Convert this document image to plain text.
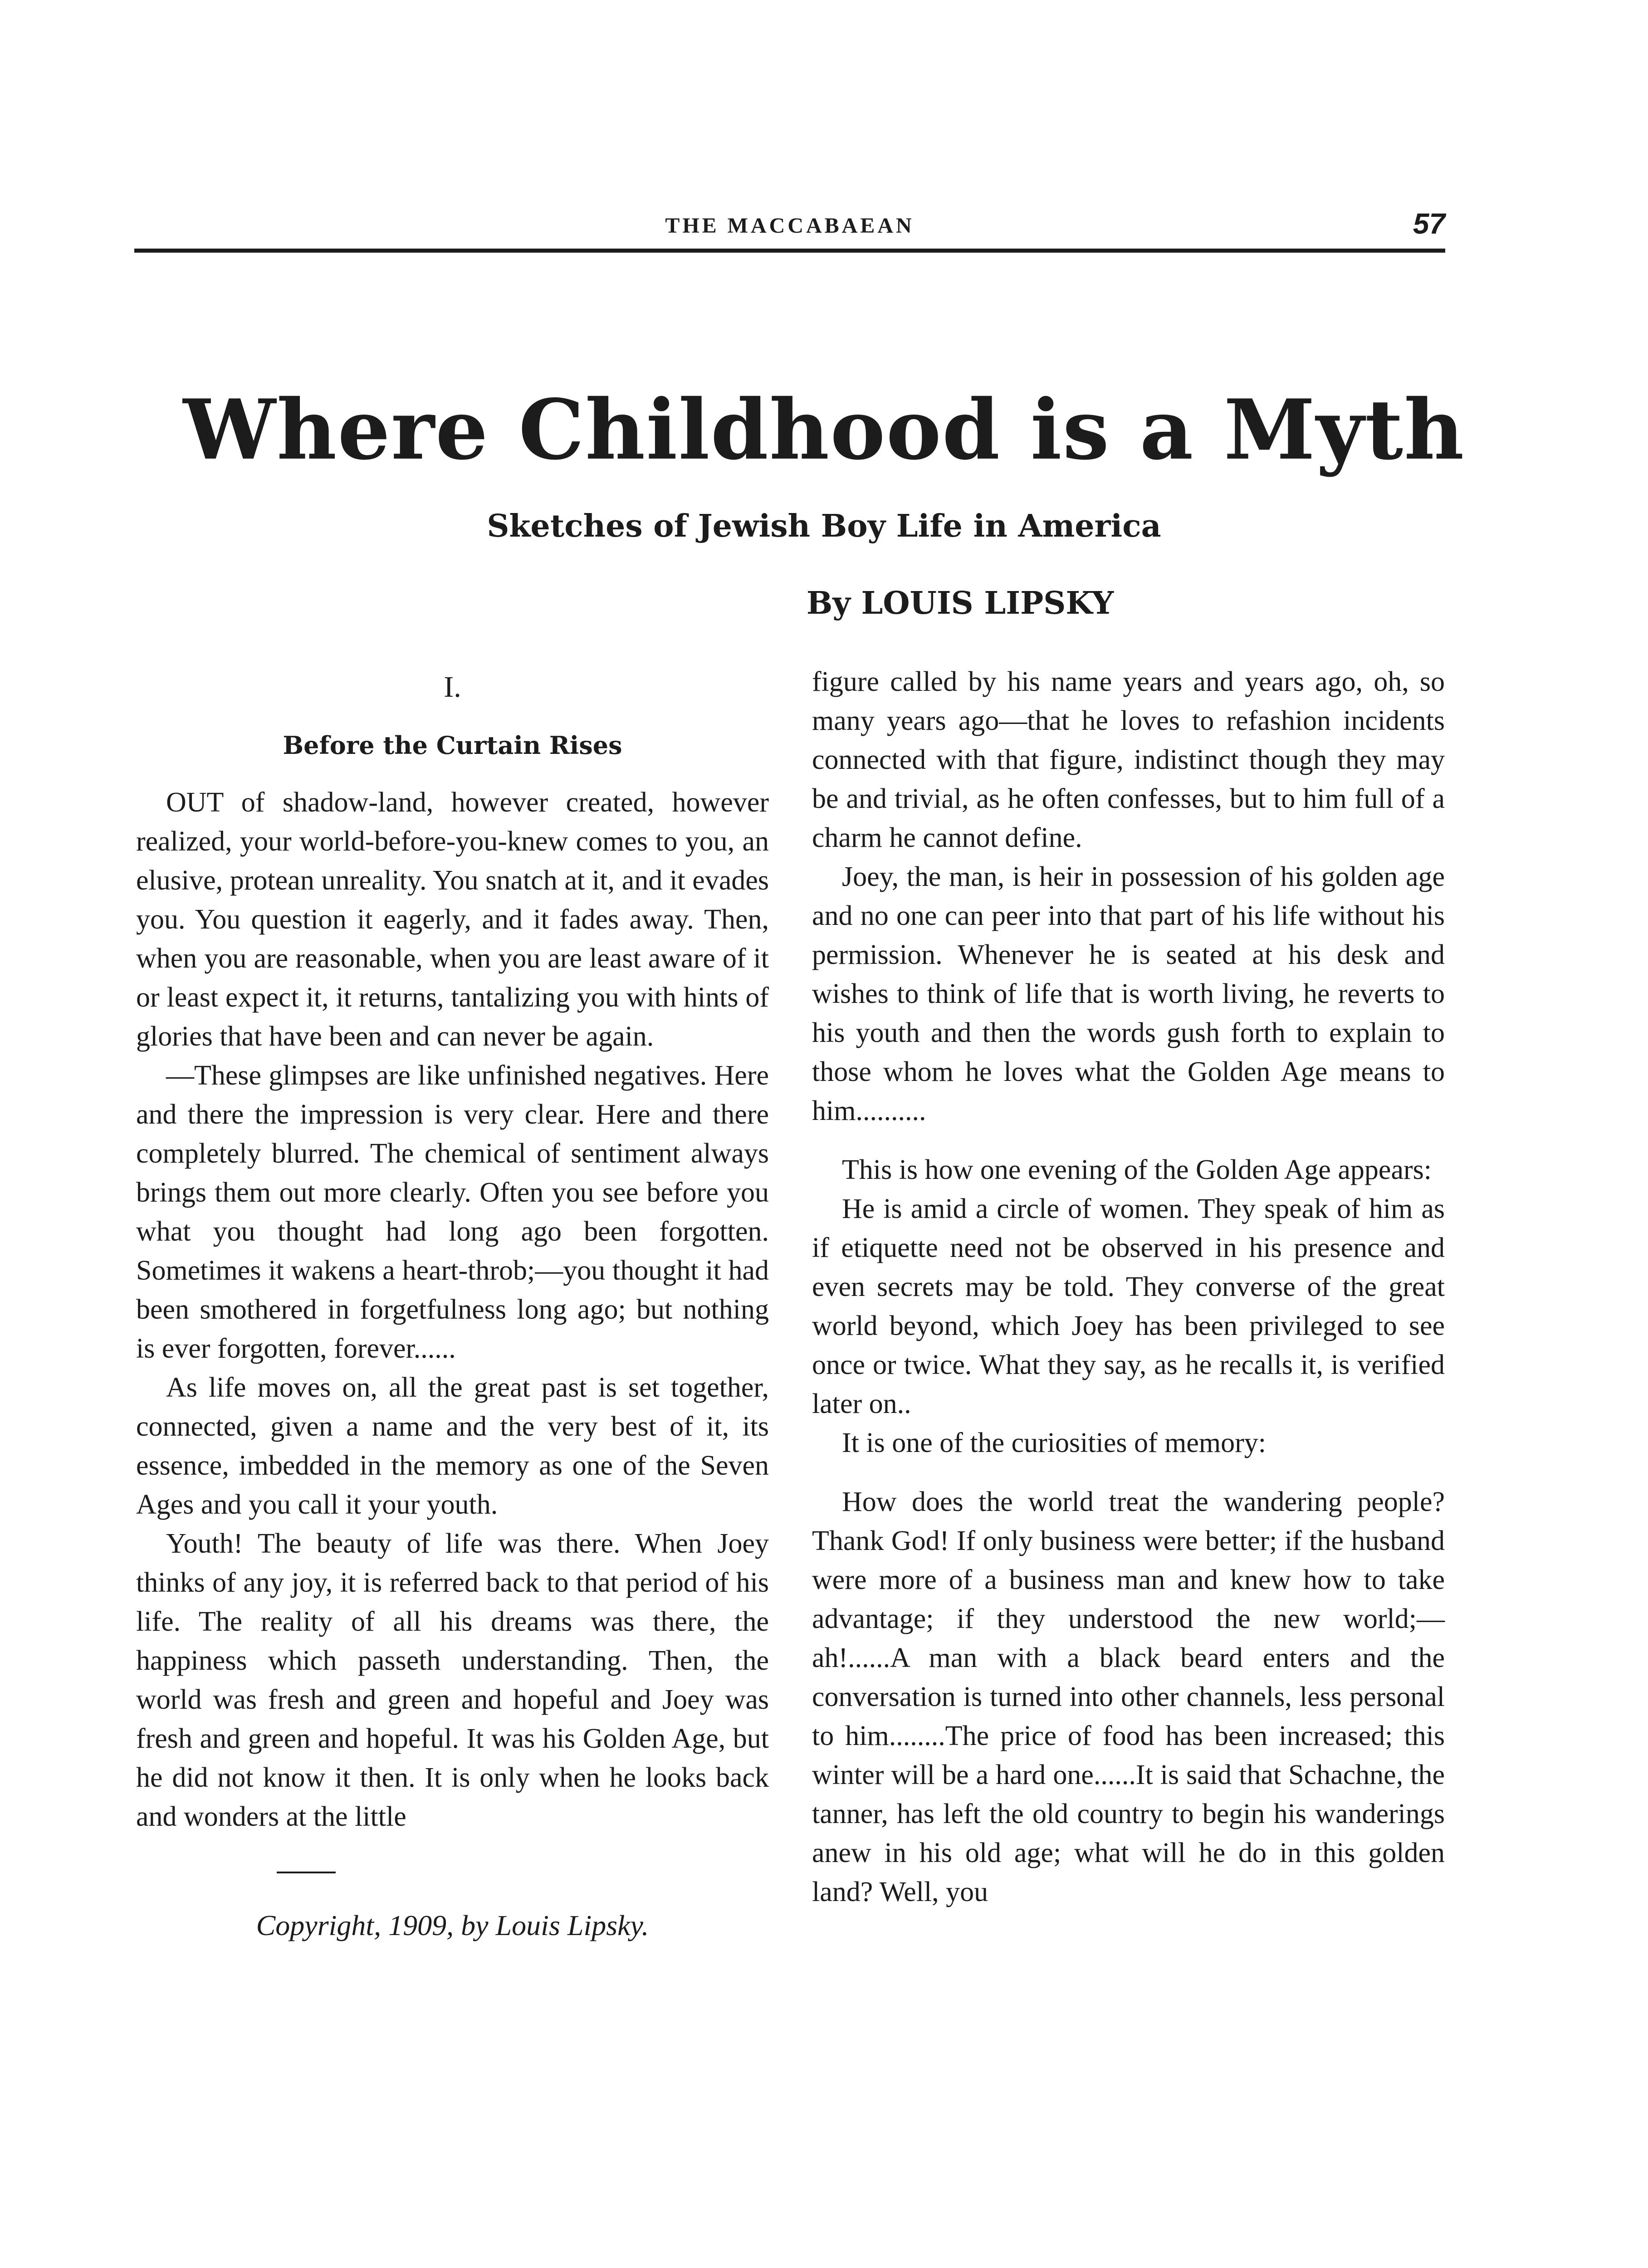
THE MACCABAEAN	57
Where Childhood is a Myth
Sketches of Jewish Boy Life in America
By LOUIS LIPSKY
I.
Before the Curtain Rises

OUT of shadow-land, however created, however realized, your world-before-you-knew comes to you, an elusive, protean unreality. You snatch at it, and it evades you. You question it eagerly, and it fades away. Then, when you are reasonable, when you are least aware of it or least expect it, it returns, tantalizing you with hints of glories that have been and can never be again.

—These glimpses are like unfinished negatives. Here and there the impression is very clear. Here and there completely blurred. The chemical of sentiment always brings them out more clearly. Often you see before you what you thought had long ago been forgotten. Sometimes it wakens a heart-throb;—you thought it had been smothered in forgetfulness long ago; but nothing is ever forgotten, forever......

As life moves on, all the great past is set together, connected, given a name and the very best of it, its essence, imbedded in the memory as one of the Seven Ages and you call it your youth.

Youth! The beauty of life was there. When Joey thinks of any joy, it is referred back to that period of his life. The reality of all his dreams was there, the happiness which passeth understanding. Then, the world was fresh and green and hopeful and Joey was fresh and green and hopeful. It was his Golden Age, but he did not know it then. It is only when he looks back and wonders at the little

Copyright, 1909, by Louis Lipsky.

figure called by his name years and years ago, oh, so many years ago—that he loves to refashion incidents connected with that figure, indistinct though they may be and trivial, as he often confesses, but to him full of a charm he cannot define.

Joey, the man, is heir in possession of his golden age and no one can peer into that part of his life without his permission. Whenever he is seated at his desk and wishes to think of life that is worth living, he reverts to his youth and then the words gush forth to explain to those whom he loves what the Golden Age means to him..........

This is how one evening of the Golden Age appears:

He is amid a circle of women. They speak of him as if etiquette need not be observed in his presence and even secrets may be told. They converse of the great world beyond, which Joey has been privileged to see once or twice. What they say, as he recalls it, is verified later on..

It is one of the curiosities of memory:

How does the world treat the wandering people? Thank God! If only business were better; if the husband were more of a business man and knew how to take advantage; if they understood the new world;—ah!......A man with a black beard enters and the conversation is turned into other channels, less personal to him........The price of food has been increased; this winter will be a hard one......It is said that Schachne, the tanner, has left the old country to begin his wanderings anew in his old age; what will he do in this golden land? Well, you
